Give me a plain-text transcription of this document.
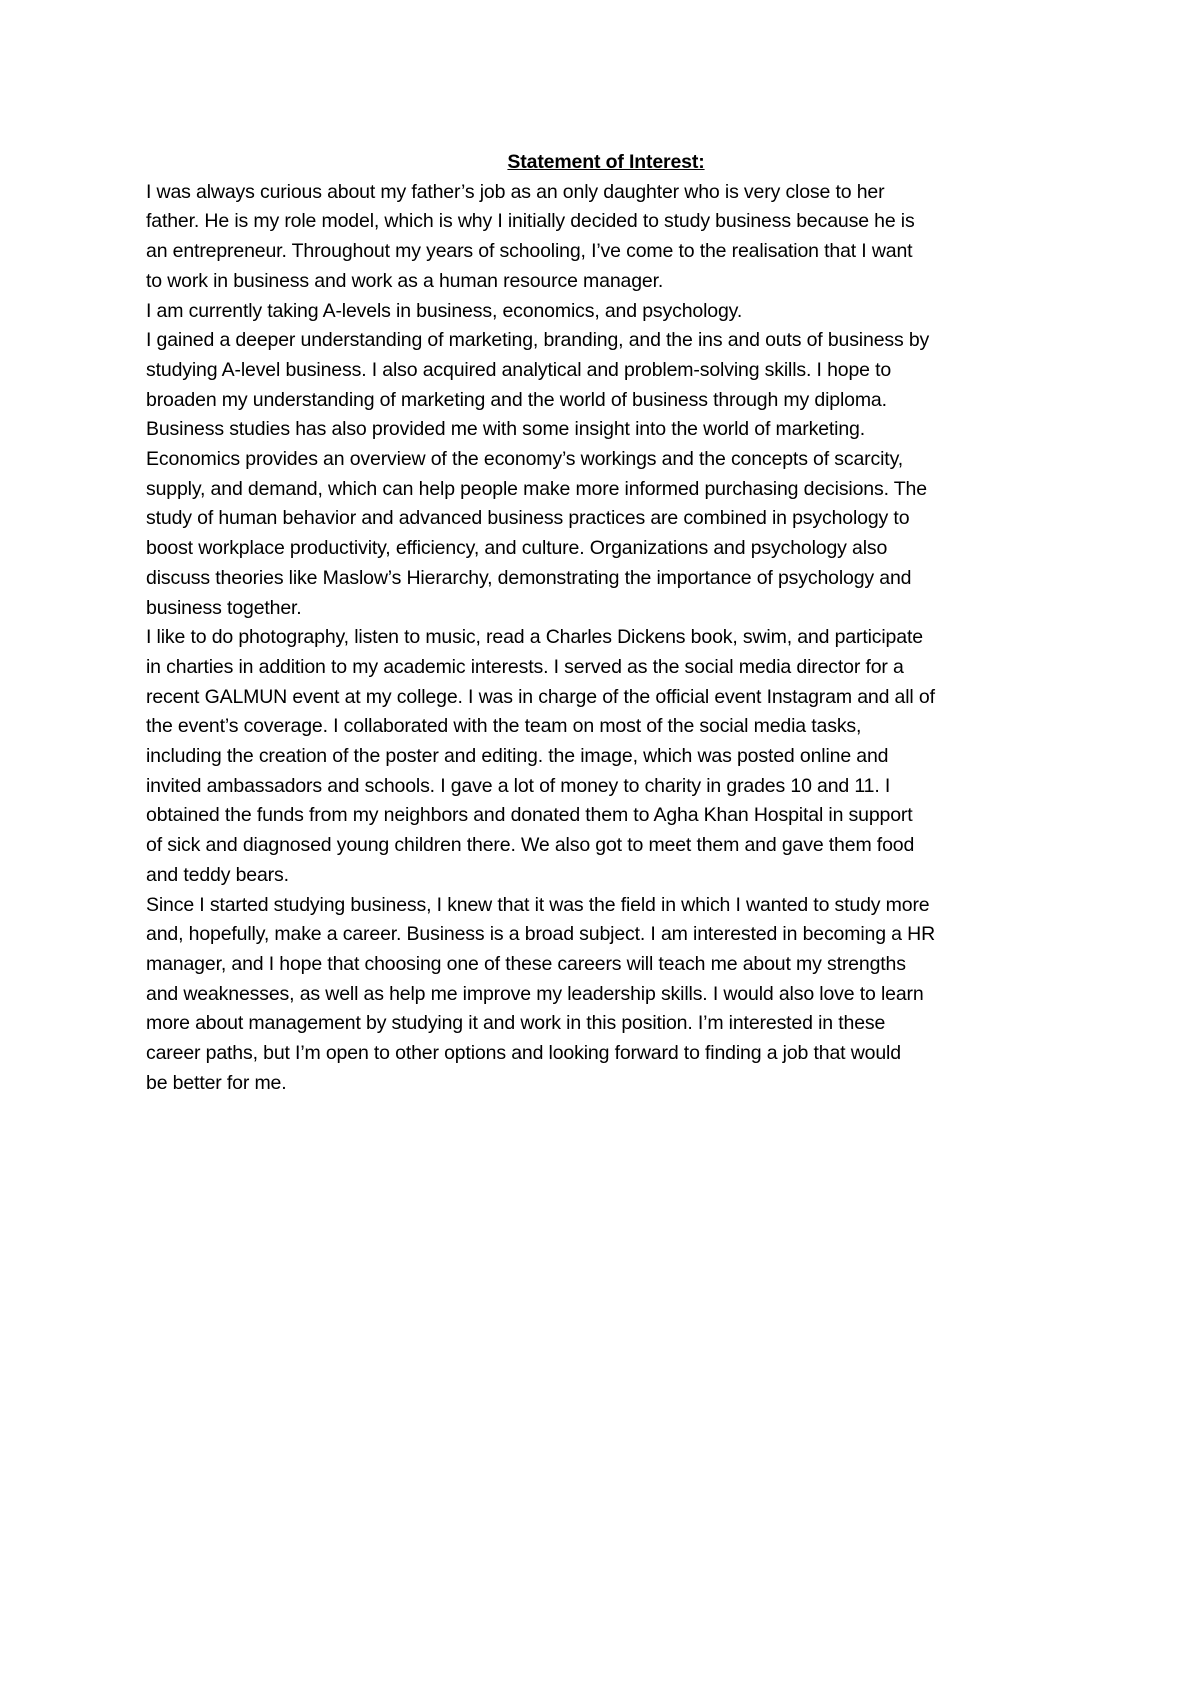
Statement of Interest:

I was always curious about my father’s job as an only daughter who is very close to her
father. He is my role model, which is why I initially decided to study business because he is
an entrepreneur. Throughout my years of schooling, I’ve come to the realisation that I want
to work in business and work as a human resource manager.

I am currently taking A-levels in business, economics, and psychology.

I gained a deeper understanding of marketing, branding, and the ins and outs of business by
studying A-level business. I also acquired analytical and problem-solving skills. I hope to
broaden my understanding of marketing and the world of business through my diploma.
Business studies has also provided me with some insight into the world of marketing.
Economics provides an overview of the economy’s workings and the concepts of scarcity,
supply, and demand, which can help people make more informed purchasing decisions. The
study of human behavior and advanced business practices are combined in psychology to
boost workplace productivity, efficiency, and culture. Organizations and psychology also
discuss theories like Maslow’s Hierarchy, demonstrating the importance of psychology and
business together.

I like to do photography, listen to music, read a Charles Dickens book, swim, and participate
in charties in addition to my academic interests. I served as the social media director for a
recent GALMUN event at my college. I was in charge of the official event Instagram and all of
the event’s coverage. I collaborated with the team on most of the social media tasks,
including the creation of the poster and editing. the image, which was posted online and
invited ambassadors and schools. I gave a lot of money to charity in grades 10 and 11. I
obtained the funds from my neighbors and donated them to Agha Khan Hospital in support
of sick and diagnosed young children there. We also got to meet them and gave them food
and teddy bears.

Since I started studying business, I knew that it was the field in which I wanted to study more
and, hopefully, make a career. Business is a broad subject. I am interested in becoming a HR
manager, and I hope that choosing one of these careers will teach me about my strengths
and weaknesses, as well as help me improve my leadership skills. I would also love to learn
more about management by studying it and work in this position. I’m interested in these
career paths, but I’m open to other options and looking forward to finding a job that would
be better for me.
